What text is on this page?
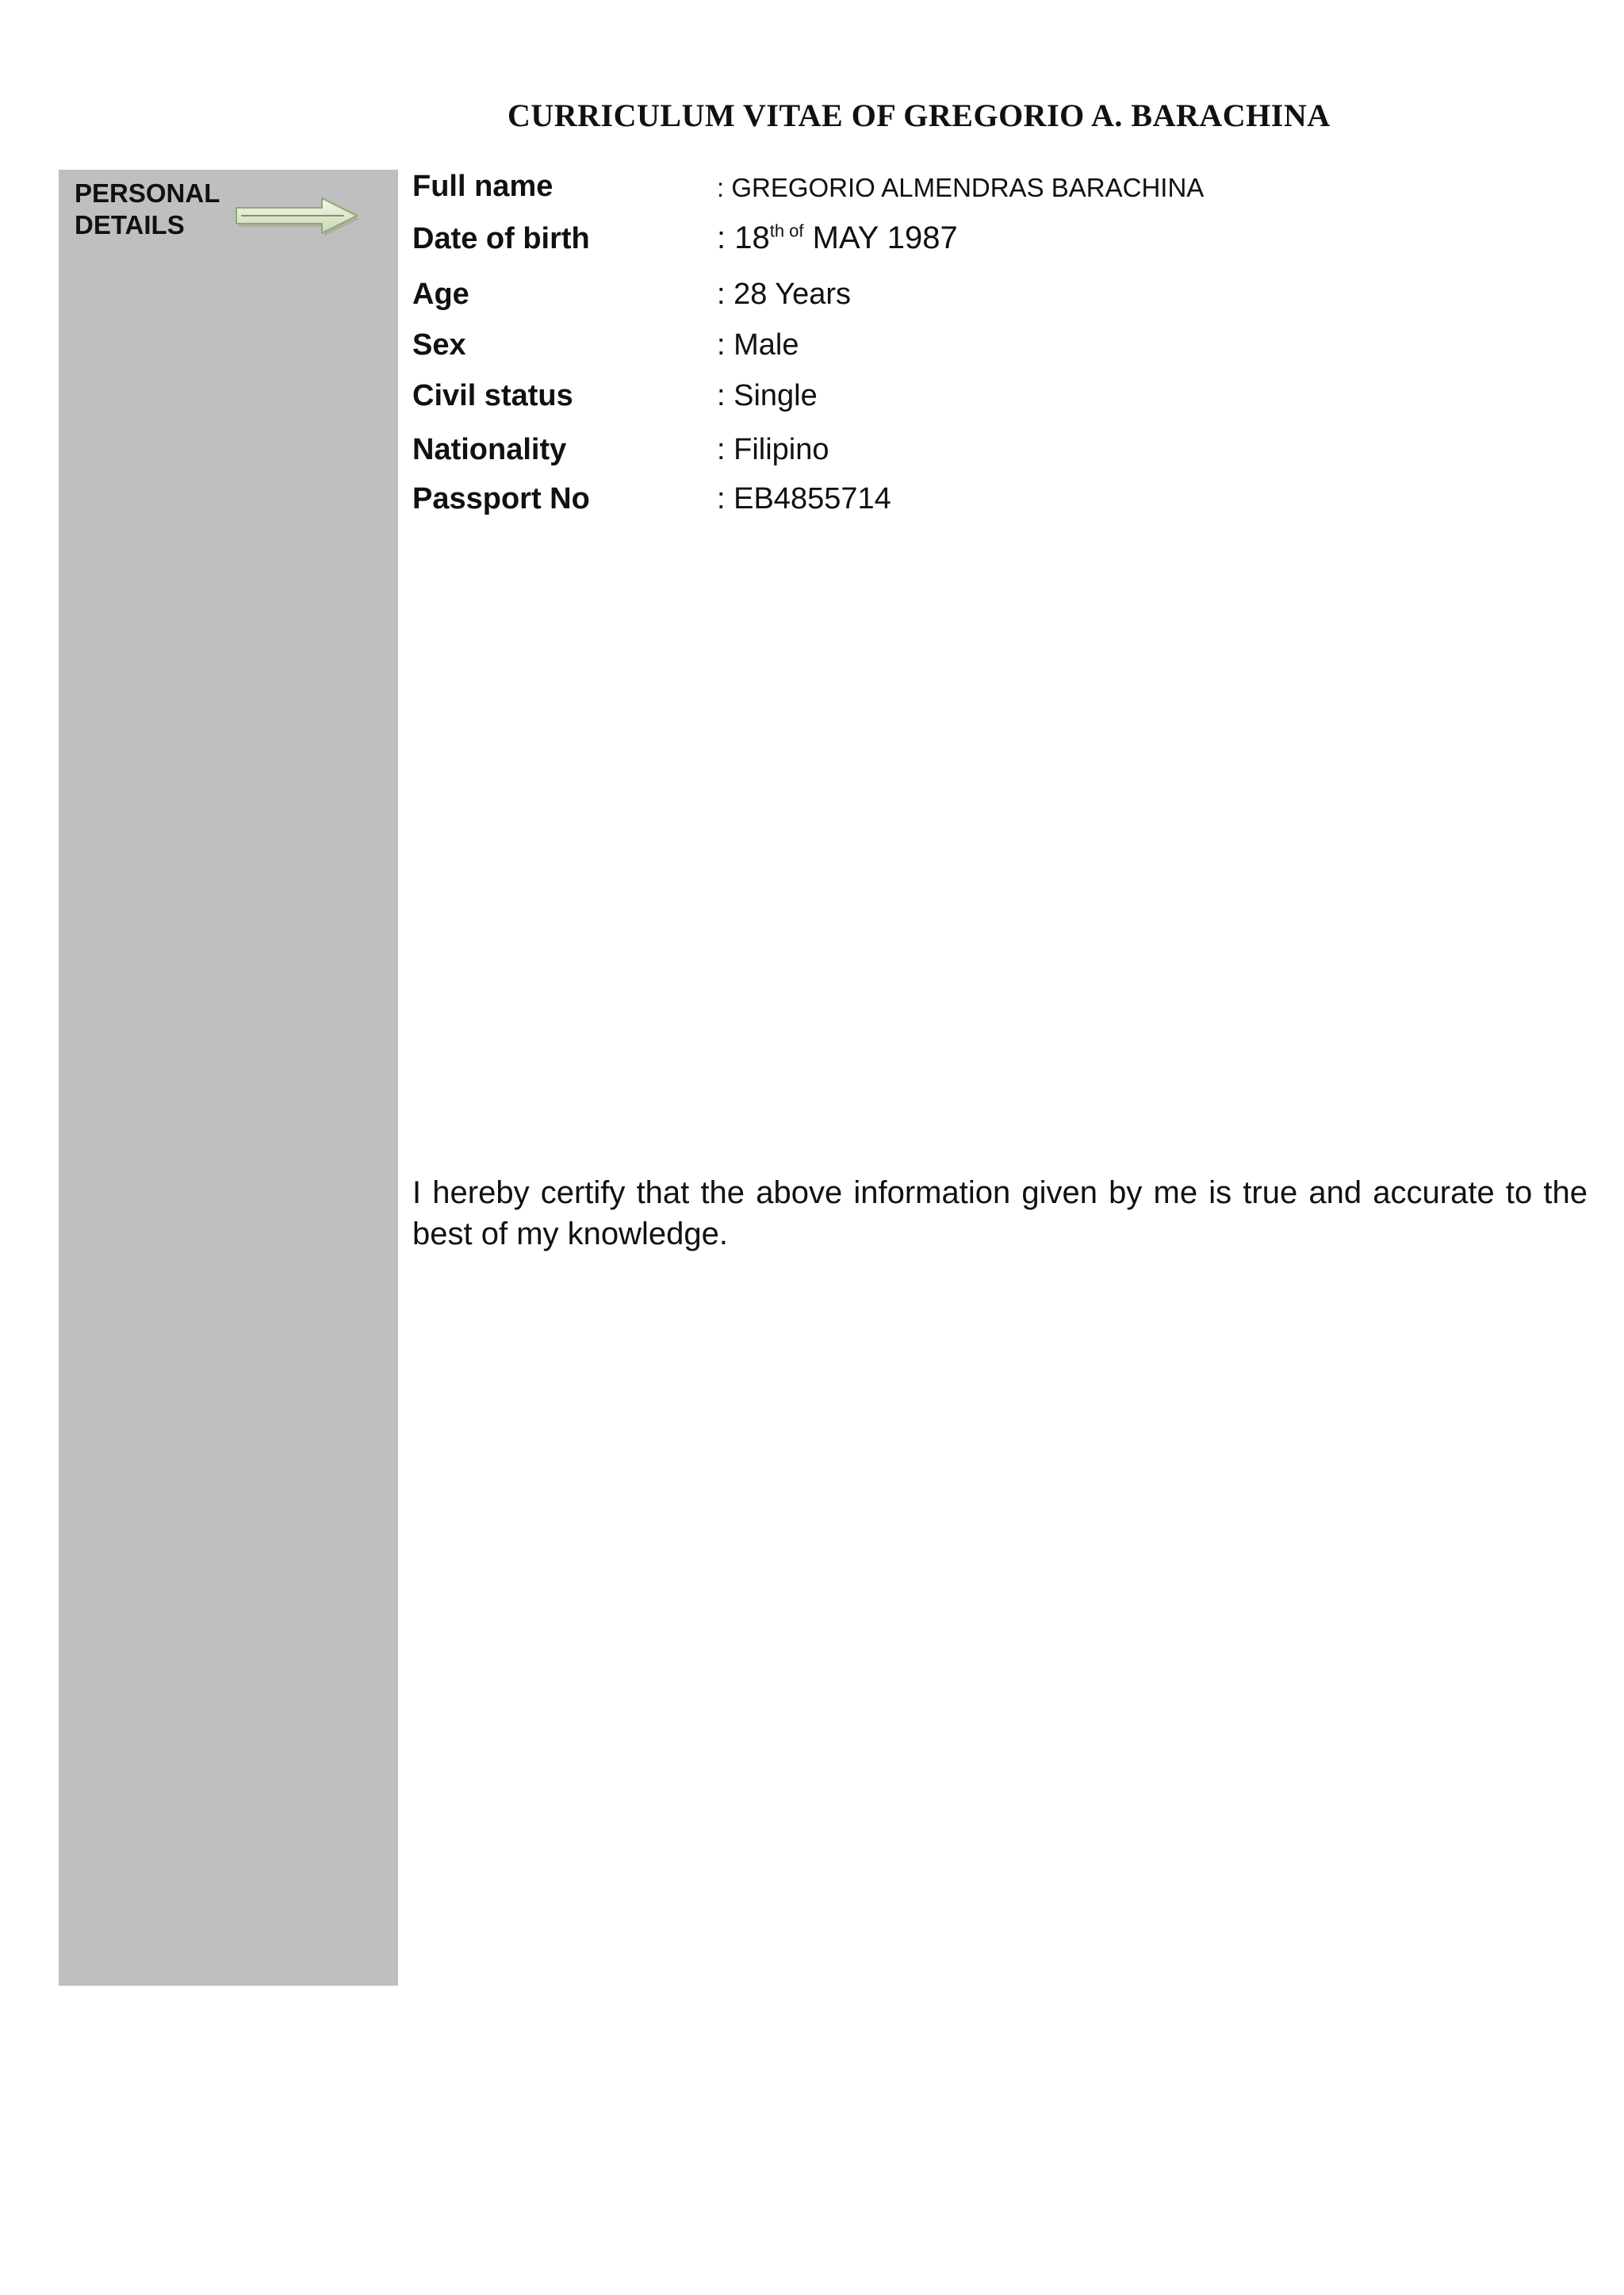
CURRICULUM VITAE OF GREGORIO A. BARACHINA
PERSONAL
DETAILS
Full name	: GREGORIO ALMENDRAS BARACHINA
Date of birth	: $18^{th of}$ MAY 1987
Age	: 28 Years
Sex	: Male
Civil status	: Single
Nationality	: Filipino
Passport No	: EB4855714
I hereby certify that the above information given by me is true and accurate to the best of my knowledge.
